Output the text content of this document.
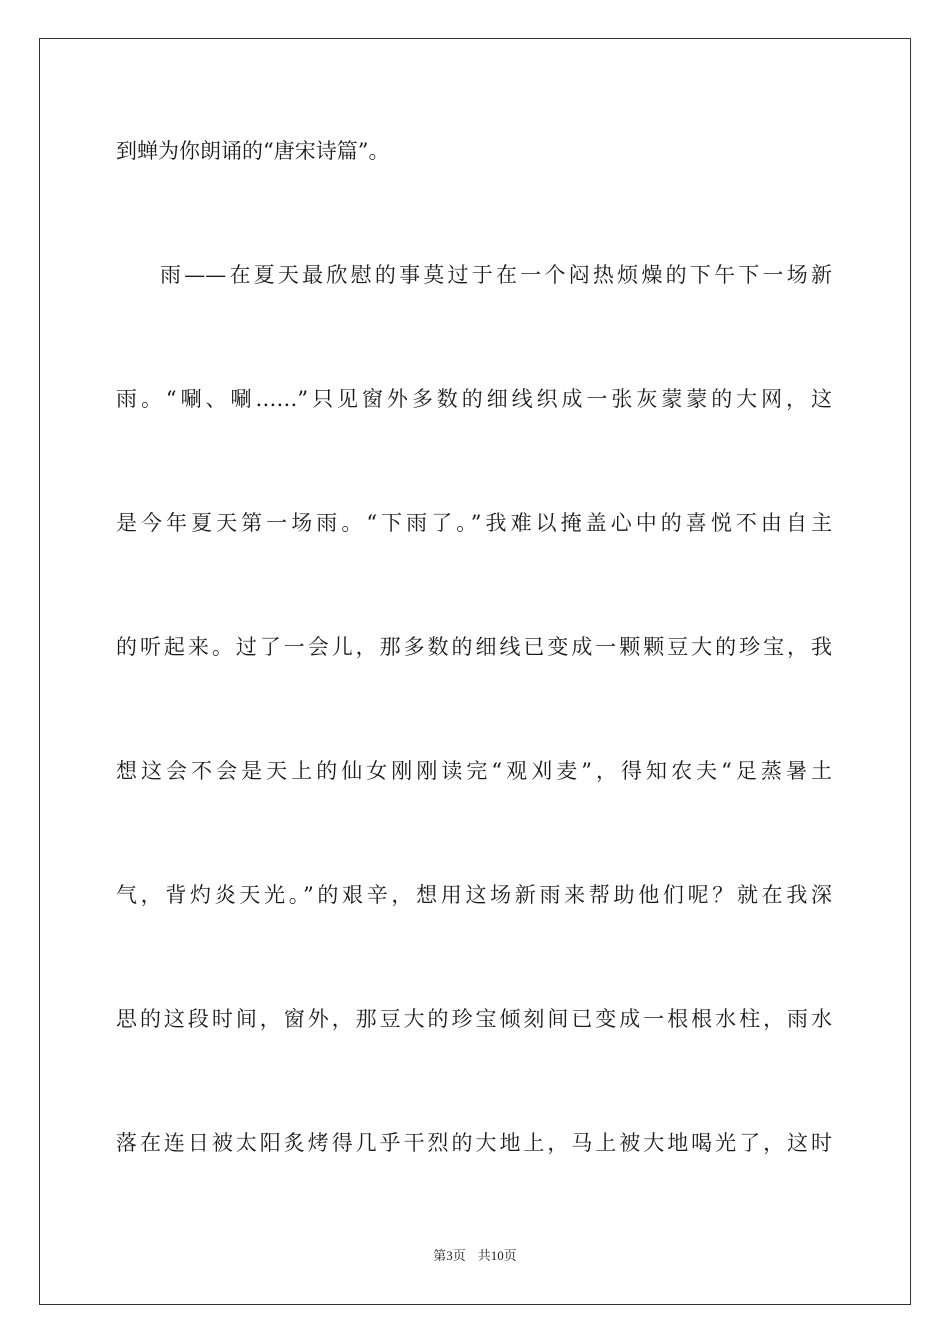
到蝉为你朗诵的“唐宋诗篇”。
雨——在夏天最欣慰的事莫过于在一个闷热烦燥的下午下一场新
雨。“唰、唰……”只见窗外多数的细线织成一张灰蒙蒙的大网，这
是今年夏天第一场雨。“下雨了。”我难以掩盖心中的喜悦不由自主
的听起来。过了一会儿，那多数的细线已变成一颗颗豆大的珍宝，我
想这会不会是天上的仙女刚刚读完“观刈麦”，得知农夫“足蒸暑土
气，背灼炎天光。”的艰辛，想用这场新雨来帮助他们呢？就在我深
思的这段时间，窗外，那豆大的珍宝倾刻间已变成一根根水柱，雨水
落在连日被太阳炙烤得几乎干烈的大地上，马上被大地喝光了，这时
第3页 共10页
